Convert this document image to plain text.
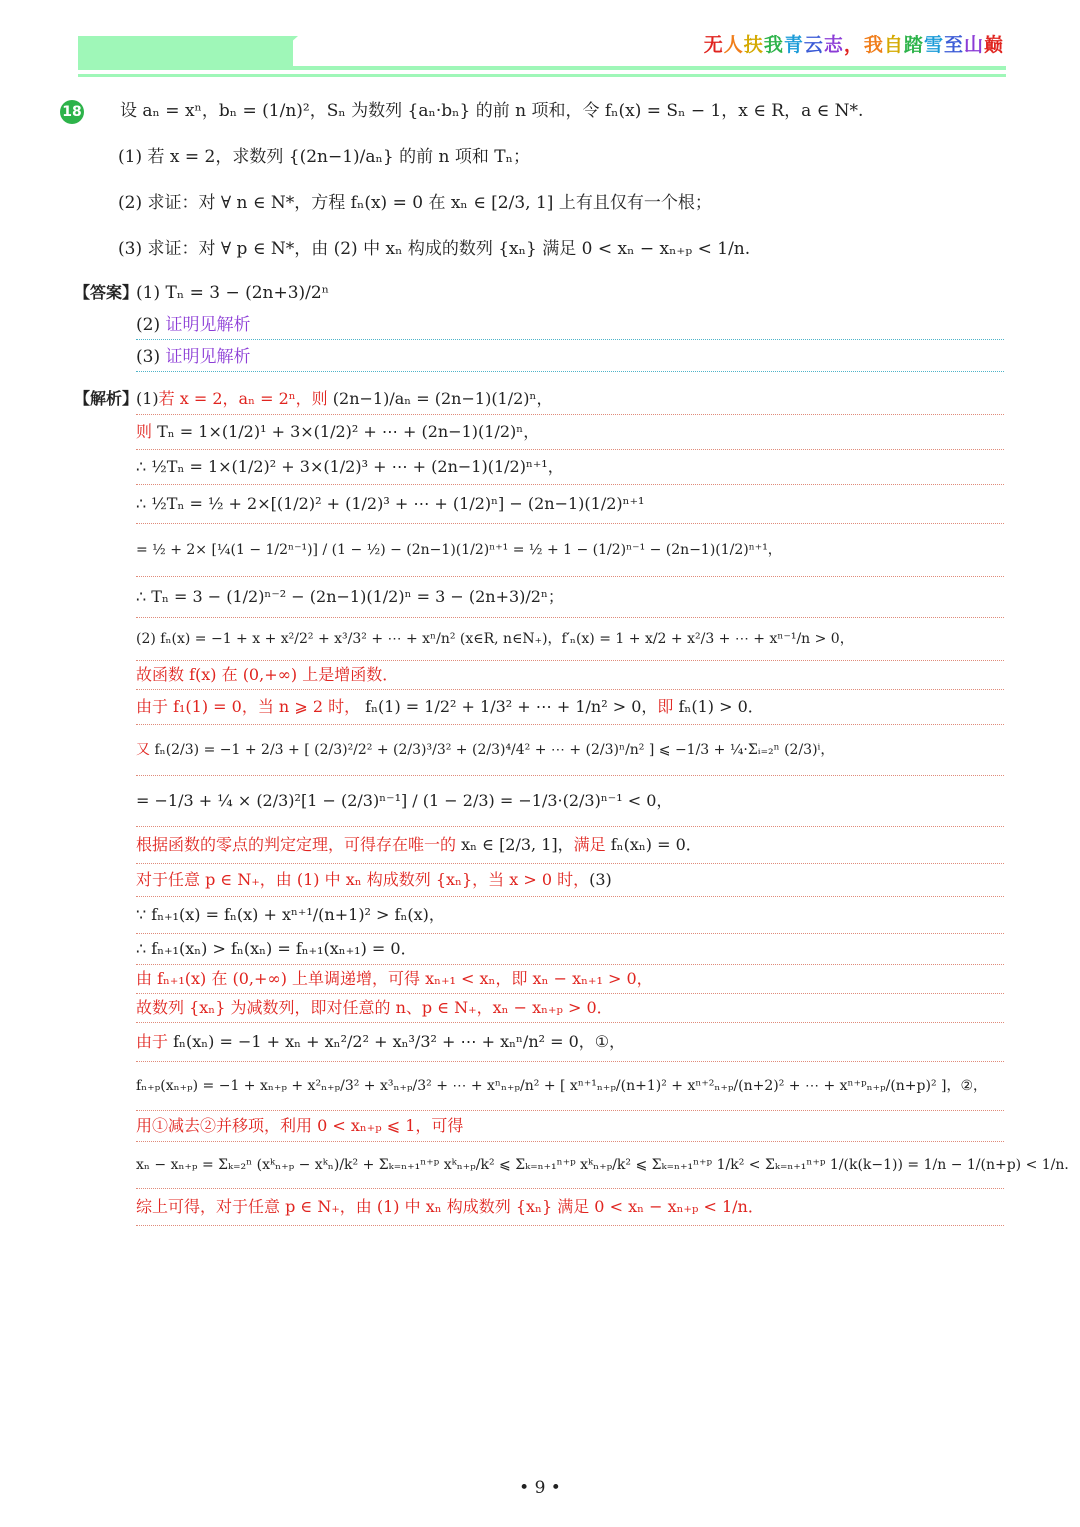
无人扶我青云志，我自踏雪至山巅
18 设 aₙ = xⁿ，bₙ = (1/n)²，Sₙ 为数列 {aₙ·bₙ} 的前 n 项和，令 fₙ(x) = Sₙ − 1，x ∈ R，a ∈ N*.
(1) 若 x = 2，求数列 {(2n−1)/aₙ} 的前 n 项和 Tₙ；
(2) 求证：对 ∀ n ∈ N*，方程 fₙ(x) = 0 在 xₙ ∈ [2/3, 1] 上有且仅有一个根；
(3) 求证：对 ∀ p ∈ N*，由 (2) 中 xₙ 构成的数列 {xₙ} 满足 0 < xₙ − xₙ₊ₚ < 1/n.
【答案】
(1) Tₙ = 3 − (2n+3)/2ⁿ
(2) 证明见解析
(3) 证明见解析
【解析】
(1)若 x = 2，aₙ = 2ⁿ，则 (2n−1)/aₙ = (2n−1)(1/2)ⁿ，
则 Tₙ = 1×(1/2)¹ + 3×(1/2)² + ⋯ + (2n−1)(1/2)ⁿ，
∴ ½Tₙ = 1×(1/2)² + 3×(1/2)³ + ⋯ + (2n−1)(1/2)ⁿ⁺¹，
∴ ½Tₙ = ½ + 2×[(1/2)² + (1/2)³ + ⋯ + (1/2)ⁿ] − (2n−1)(1/2)ⁿ⁺¹
= ½ + 2× [¼(1 − 1/2ⁿ⁻¹)] / (1 − ½) − (2n−1)(1/2)ⁿ⁺¹ = ½ + 1 − (1/2)ⁿ⁻¹ − (2n−1)(1/2)ⁿ⁺¹，
∴ Tₙ = 3 − (1/2)ⁿ⁻² − (2n−1)(1/2)ⁿ = 3 − (2n+3)/2ⁿ；
(2) fₙ(x) = −1 + x + x²/2² + x³/3² + ⋯ + xⁿ/n² (x∈R, n∈N₊)，f′ₙ(x) = 1 + x/2 + x²/3 + ⋯ + xⁿ⁻¹/n > 0，
故函数 f(x) 在 (0,+∞) 上是增函数．
由于 f₁(1) = 0，当 n ⩾ 2 时， fₙ(1) = 1/2² + 1/3² + ⋯ + 1/n² > 0，即 fₙ(1) > 0．
又 fₙ(2/3) = −1 + 2/3 + [ (2/3)²/2² + (2/3)³/3² + (2/3)⁴/4² + ⋯ + (2/3)ⁿ/n² ] ⩽ −1/3 + ¼·Σᵢ₌₂ⁿ (2/3)ⁱ，
= −1/3 + ¼ × (2/3)²[1 − (2/3)ⁿ⁻¹] / (1 − 2/3) = −1/3·(2/3)ⁿ⁻¹ < 0，
根据函数的零点的判定定理，可得存在唯一的 xₙ ∈ [2/3, 1]，满足 fₙ(xₙ) = 0．
对于任意 p ∈ N₊，由 (1) 中 xₙ 构成数列 {xₙ}，当 x > 0 时，(3)
∵ fₙ₊₁(x) = fₙ(x) + xⁿ⁺¹/(n+1)² > fₙ(x)，
∴ fₙ₊₁(xₙ) > fₙ(xₙ) = fₙ₊₁(xₙ₊₁) = 0．
由 fₙ₊₁(x) 在 (0,+∞) 上单调递增，可得 xₙ₊₁ < xₙ，即 xₙ − xₙ₊₁ > 0，
故数列 {xₙ} 为减数列，即对任意的 n、p ∈ N₊，xₙ − xₙ₊ₚ > 0．
由于 fₙ(xₙ) = −1 + xₙ + xₙ²/2² + xₙ³/3² + ⋯ + xₙⁿ/n² = 0，①，
fₙ₊ₚ(xₙ₊ₚ) = −1 + xₙ₊ₚ + x²ₙ₊ₚ/3² + x³ₙ₊ₚ/3² + ⋯ + xⁿₙ₊ₚ/n² + [ xⁿ⁺¹ₙ₊ₚ/(n+1)² + xⁿ⁺²ₙ₊ₚ/(n+2)² + ⋯ + xⁿ⁺ᵖₙ₊ₚ/(n+p)² ]，②，
用①减去②并移项，利用 0 < xₙ₊ₚ ⩽ 1，可得
xₙ − xₙ₊ₚ = Σₖ₌₂ⁿ (xᵏₙ₊ₚ − xᵏₙ)/k² + Σₖ₌ₙ₊₁ⁿ⁺ᵖ xᵏₙ₊ₚ/k² ⩽ Σₖ₌ₙ₊₁ⁿ⁺ᵖ xᵏₙ₊ₚ/k² ⩽ Σₖ₌ₙ₊₁ⁿ⁺ᵖ 1/k² < Σₖ₌ₙ₊₁ⁿ⁺ᵖ 1/(k(k−1)) = 1/n − 1/(n+p) < 1/n．
综上可得，对于任意 p ∈ N₊，由 (1) 中 xₙ 构成数列 {xₙ} 满足 0 < xₙ − xₙ₊ₚ < 1/n．
• 9 •
